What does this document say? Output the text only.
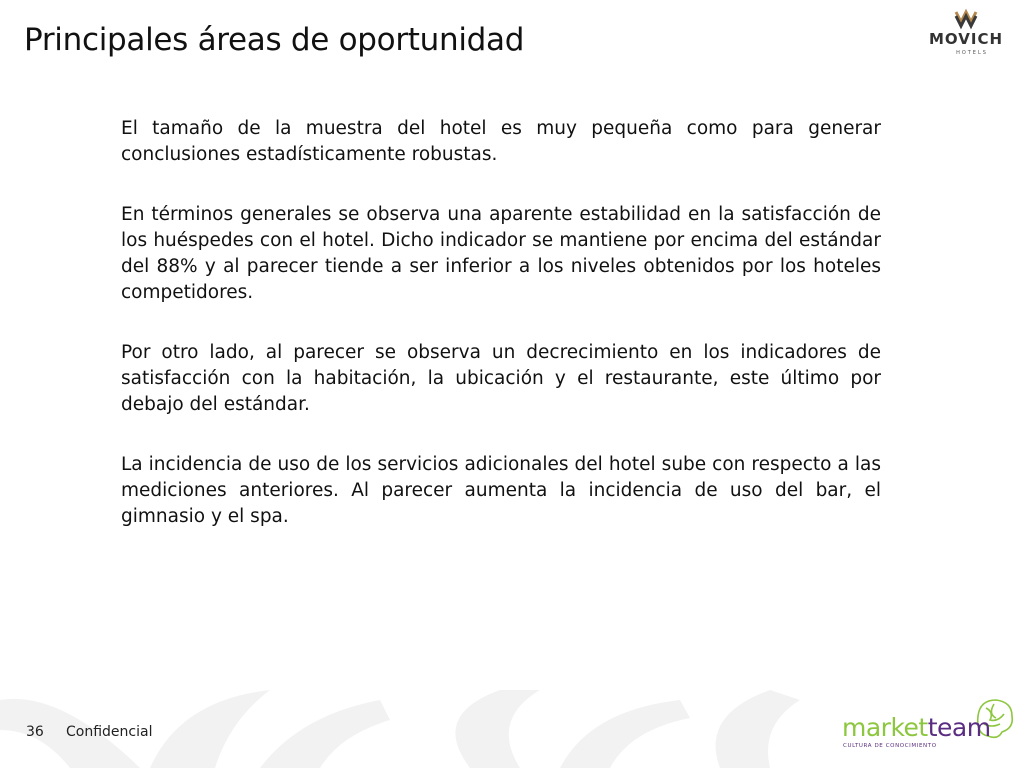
Principales áreas de oportunidad	MOVICH
HOTELS

El tamaño de la muestra del hotel es muy pequeña como para generar conclusiones estadísticamente robustas.

En términos generales se observa una aparente estabilidad en la satisfacción de los huéspedes con el hotel. Dicho indicador se mantiene por encima del estándar del 88% y al parecer tiende a ser inferior a los niveles obtenidos por los hoteles competidores.

Por otro lado, al parecer se observa un decrecimiento en los indicadores de satisfacción con la habitación, la ubicación y el restaurante, este último por debajo del estándar.

La incidencia de uso de los servicios adicionales del hotel sube con respecto a las mediciones anteriores. Al parecer aumenta la incidencia de uso del bar, el gimnasio y el spa.

36 Confidencial	marketteam
CULTURA DE CONOCIMIENTO
